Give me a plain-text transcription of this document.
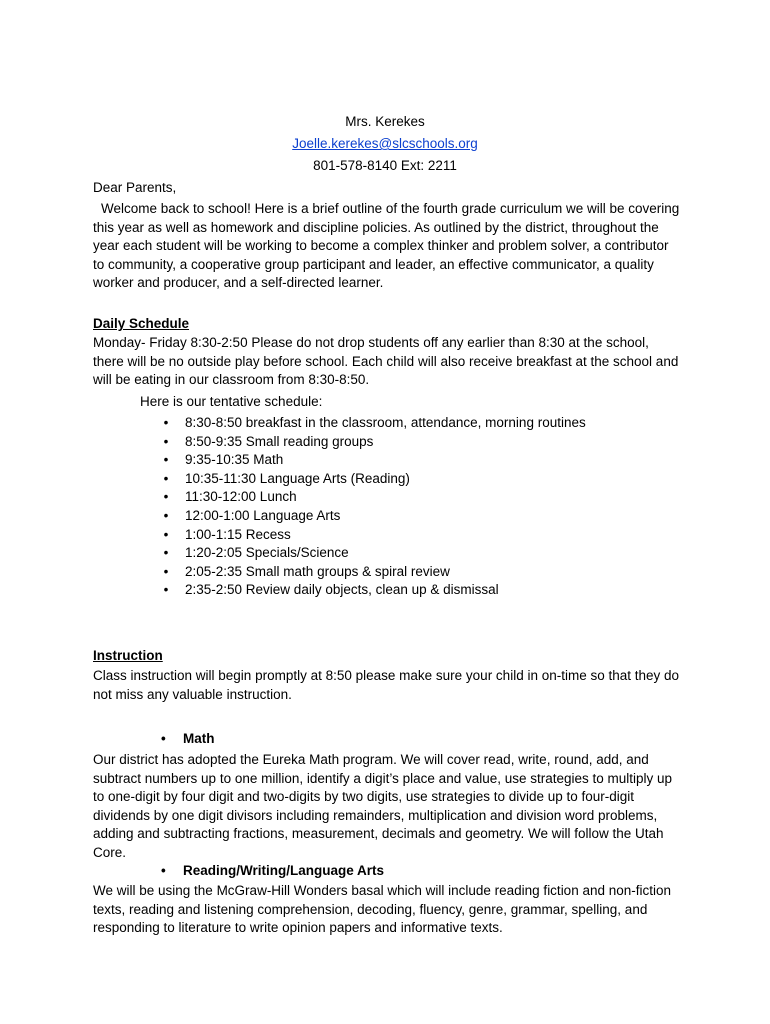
Mrs. Kerekes
Joelle.kerekes@slcschools.org
801-578-8140 Ext: 2211
Dear Parents,

Welcome back to school! Here is a brief outline of the fourth grade curriculum we will be covering this year as well as homework and discipline policies. As outlined by the district, throughout the year each student will be working to become a complex thinker and problem solver, a contributor to community, a cooperative group participant and leader, an effective communicator, a quality worker and producer, and a self-directed learner.

Daily Schedule

Monday- Friday 8:30-2:50 Please do not drop students off any earlier than 8:30 at the school, there will be no outside play before school. Each child will also receive breakfast at the school and will be eating in our classroom from 8:30-8:50.

Here is our tentative schedule:
• 8:30-8:50 breakfast in the classroom, attendance, morning routines
• 8:50-9:35 Small reading groups
• 9:35-10:35 Math
• 10:35-11:30 Language Arts (Reading)
• 11:30-12:00 Lunch
• 12:00-1:00 Language Arts
• 1:00-1:15 Recess
• 1:20-2:05 Specials/Science
• 2:05-2:35 Small math groups & spiral review
• 2:35-2:50 Review daily objects, clean up & dismissal
Instruction

Class instruction will begin promptly at 8:50 please make sure your child in on-time so that they do not miss any valuable instruction.

• Math

Our district has adopted the Eureka Math program. We will cover read, write, round, add, and subtract numbers up to one million, identify a digit’s place and value, use strategies to multiply up to one-digit by four digit and two-digits by two digits, use strategies to divide up to four-digit dividends by one digit divisors including remainders, multiplication and division word problems, adding and subtracting fractions, measurement, decimals and geometry. We will follow the Utah Core.

• Reading/Writing/Language Arts

We will be using the McGraw-Hill Wonders basal which will include reading fiction and non-fiction texts, reading and listening comprehension, decoding, fluency, genre, grammar, spelling, and responding to literature to write opinion papers and informative texts.
